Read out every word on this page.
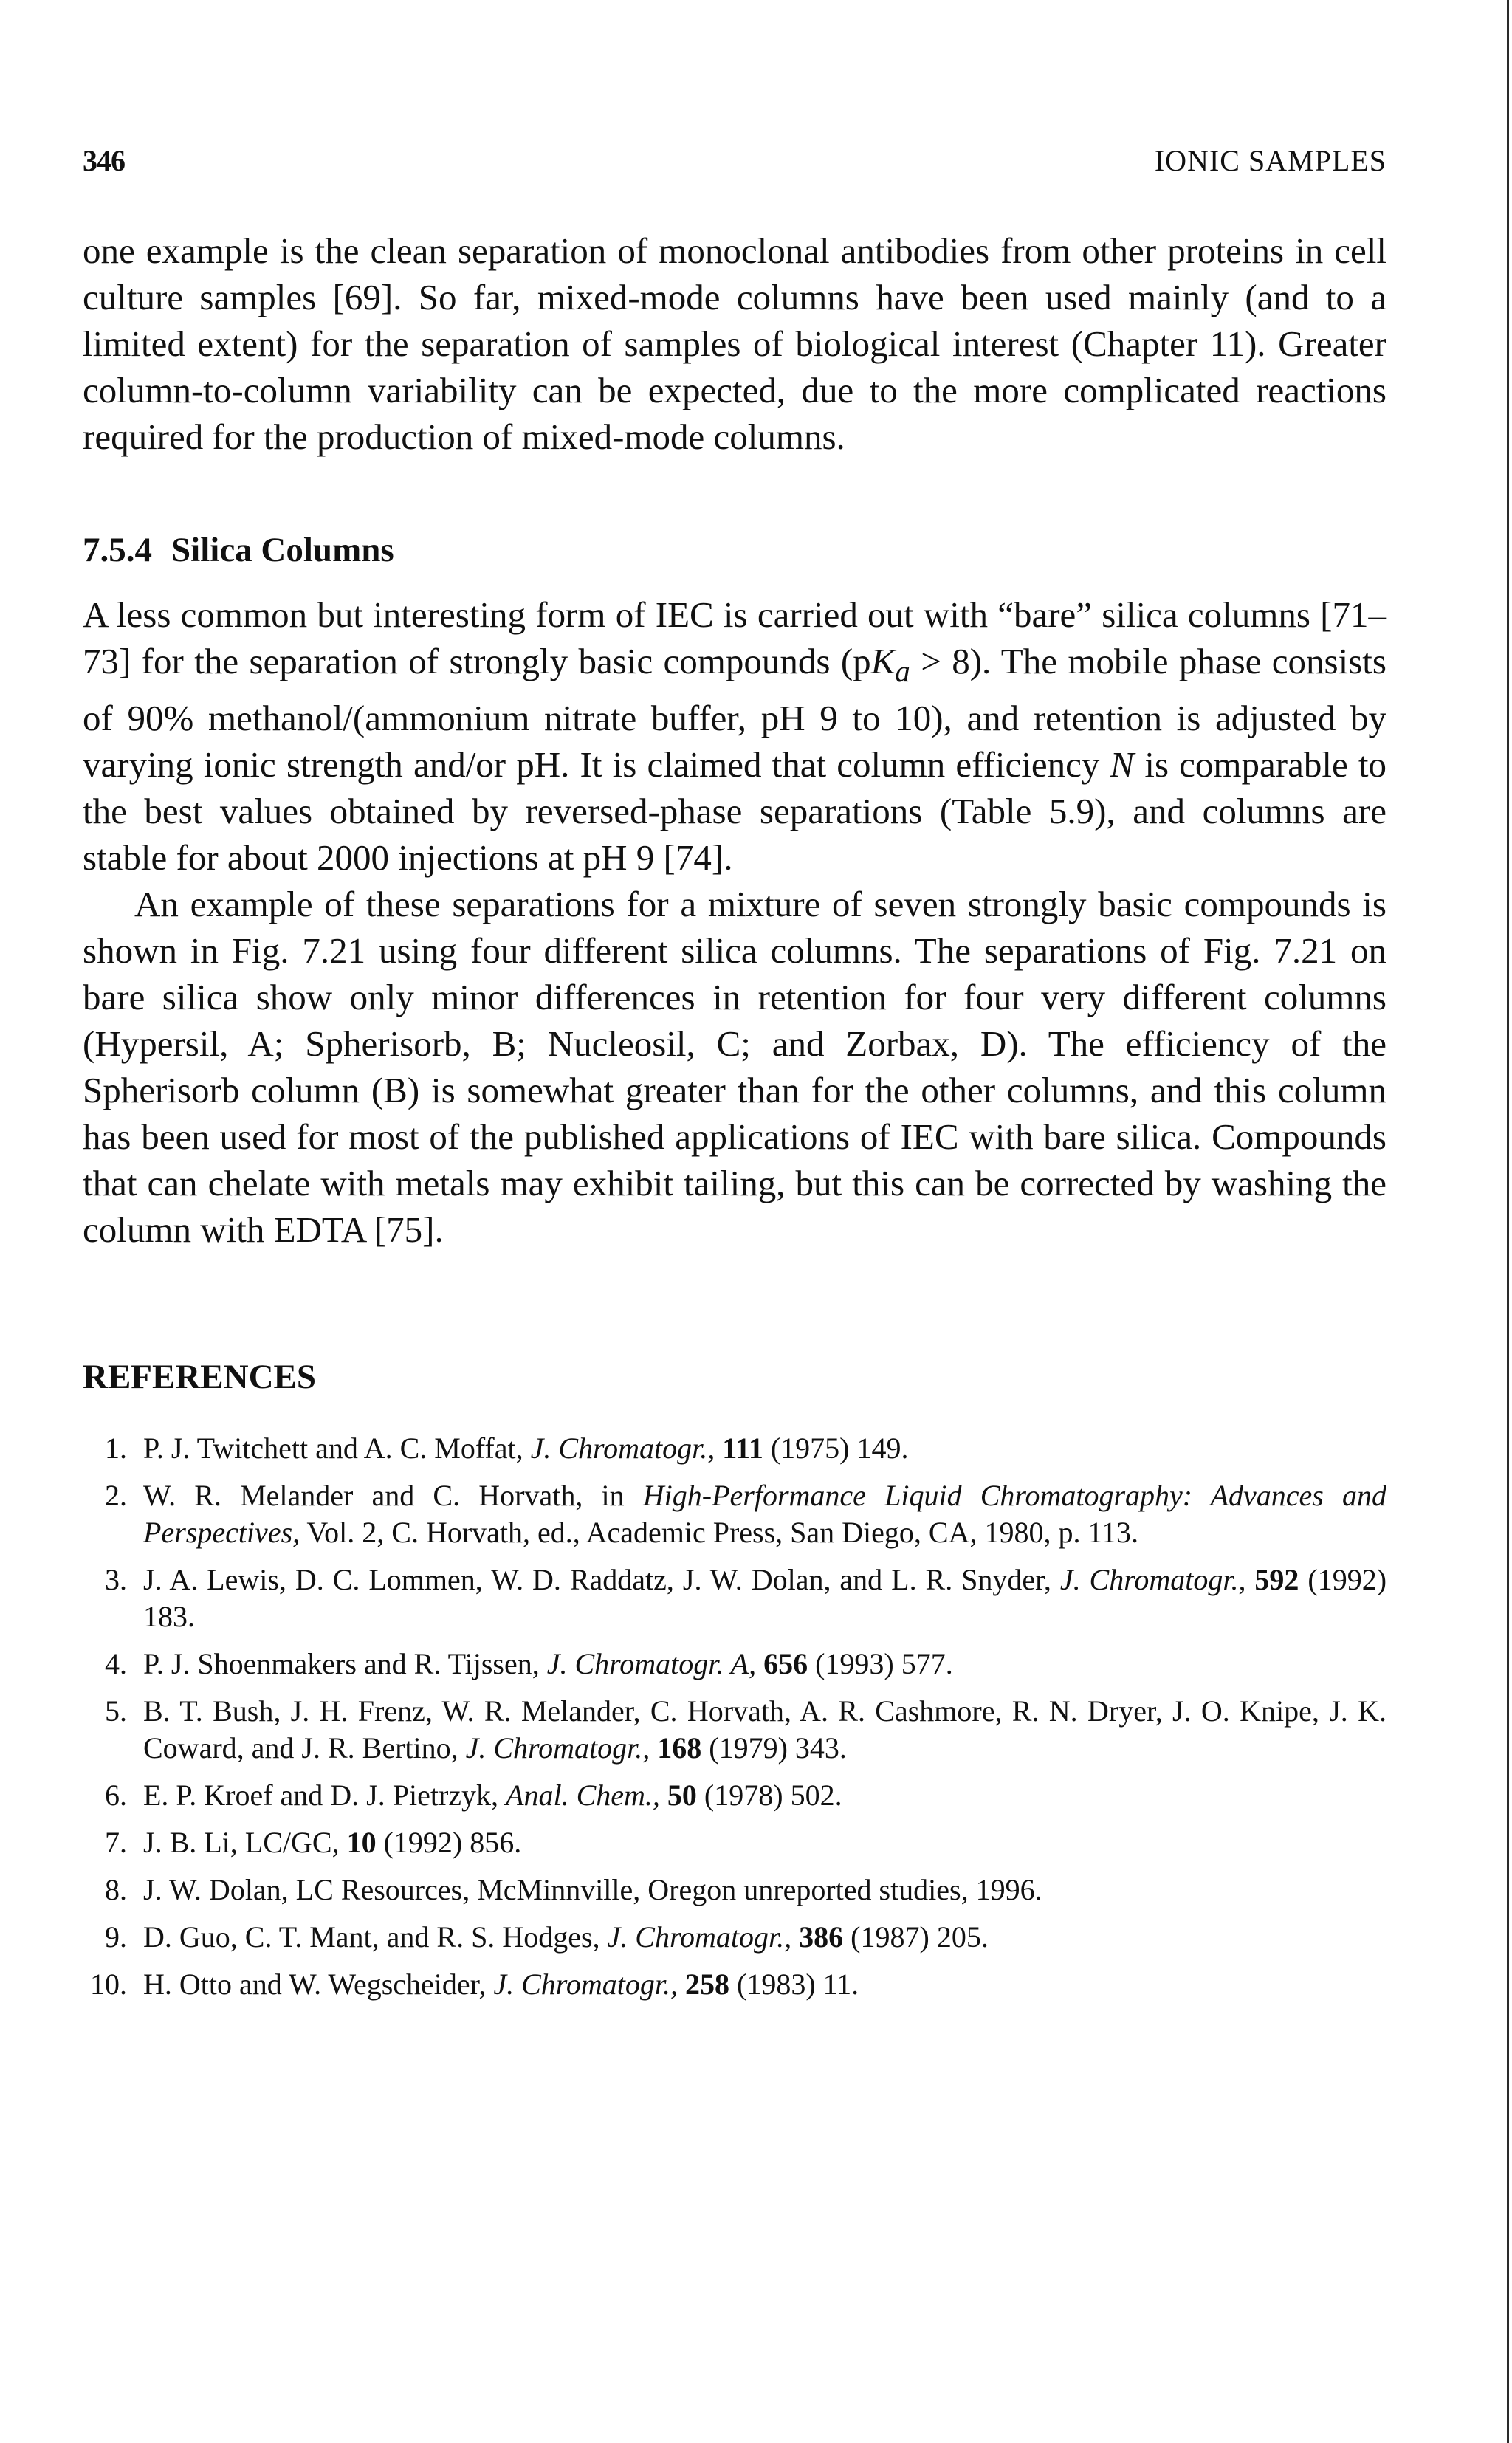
346	IONIC SAMPLES

one example is the clean separation of monoclonal antibodies from other proteins in cell culture samples [69]. So far, mixed-mode columns have been used mainly (and to a limited extent) for the separation of samples of biological interest (Chapter 11). Greater column-to-column variability can be expected, due to the more complicated reactions required for the production of mixed-mode columns.

7.5.4 Silica Columns

A less common but interesting form of IEC is carried out with “bare” silica columns [71–73] for the separation of strongly basic compounds $(pK_a > 8)$. The mobile phase consists of 90% methanol/(ammonium nitrate buffer, pH 9 to 10), and retention is adjusted by varying ionic strength and/or pH. It is claimed that column efficiency N is comparable to the best values obtained by reversed-phase separations (Table 5.9), and columns are stable for about 2000 injections at pH 9 [74].

An example of these separations for a mixture of seven strongly basic compounds is shown in Fig. 7.21 using four different silica columns. The separations of Fig. 7.21 on bare silica show only minor differences in retention for four very different columns (Hypersil, A; Spherisorb, B; Nucleosil, C; and Zorbax, D). The efficiency of the Spherisorb column (B) is somewhat greater than for the other columns, and this column has been used for most of the published applications of IEC with bare silica. Compounds that can chelate with metals may exhibit tailing, but this can be corrected by washing the column with EDTA [75].

REFERENCES
1. P. J. Twitchett and A. C. Moffat, J. Chromatogr., 111 (1975) 149.
2. W. R. Melander and C. Horvath, in High-Performance Liquid Chromatography: Advances and Perspectives, Vol. 2, C. Horvath, ed., Academic Press, San Diego, CA, 1980, p. 113.
3. J. A. Lewis, D. C. Lommen, W. D. Raddatz, J. W. Dolan, and L. R. Snyder, J. Chromatogr., 592 (1992) 183.
4. P. J. Shoenmakers and R. Tijssen, J. Chromatogr. A, 656 (1993) 577.
5. B. T. Bush, J. H. Frenz, W. R. Melander, C. Horvath, A. R. Cashmore, R. N. Dryer, J. O. Knipe, J. K. Coward, and J. R. Bertino, J. Chromatogr., 168 (1979) 343.
6. E. P. Kroef and D. J. Pietrzyk, Anal. Chem., 50 (1978) 502.
7. J. B. Li, LC/GC, 10 (1992) 856.
8. J. W. Dolan, LC Resources, McMinnville, Oregon unreported studies, 1996.
9. D. Guo, C. T. Mant, and R. S. Hodges, J. Chromatogr., 386 (1987) 205.
10. H. Otto and W. Wegscheider, J. Chromatogr., 258 (1983) 11.
